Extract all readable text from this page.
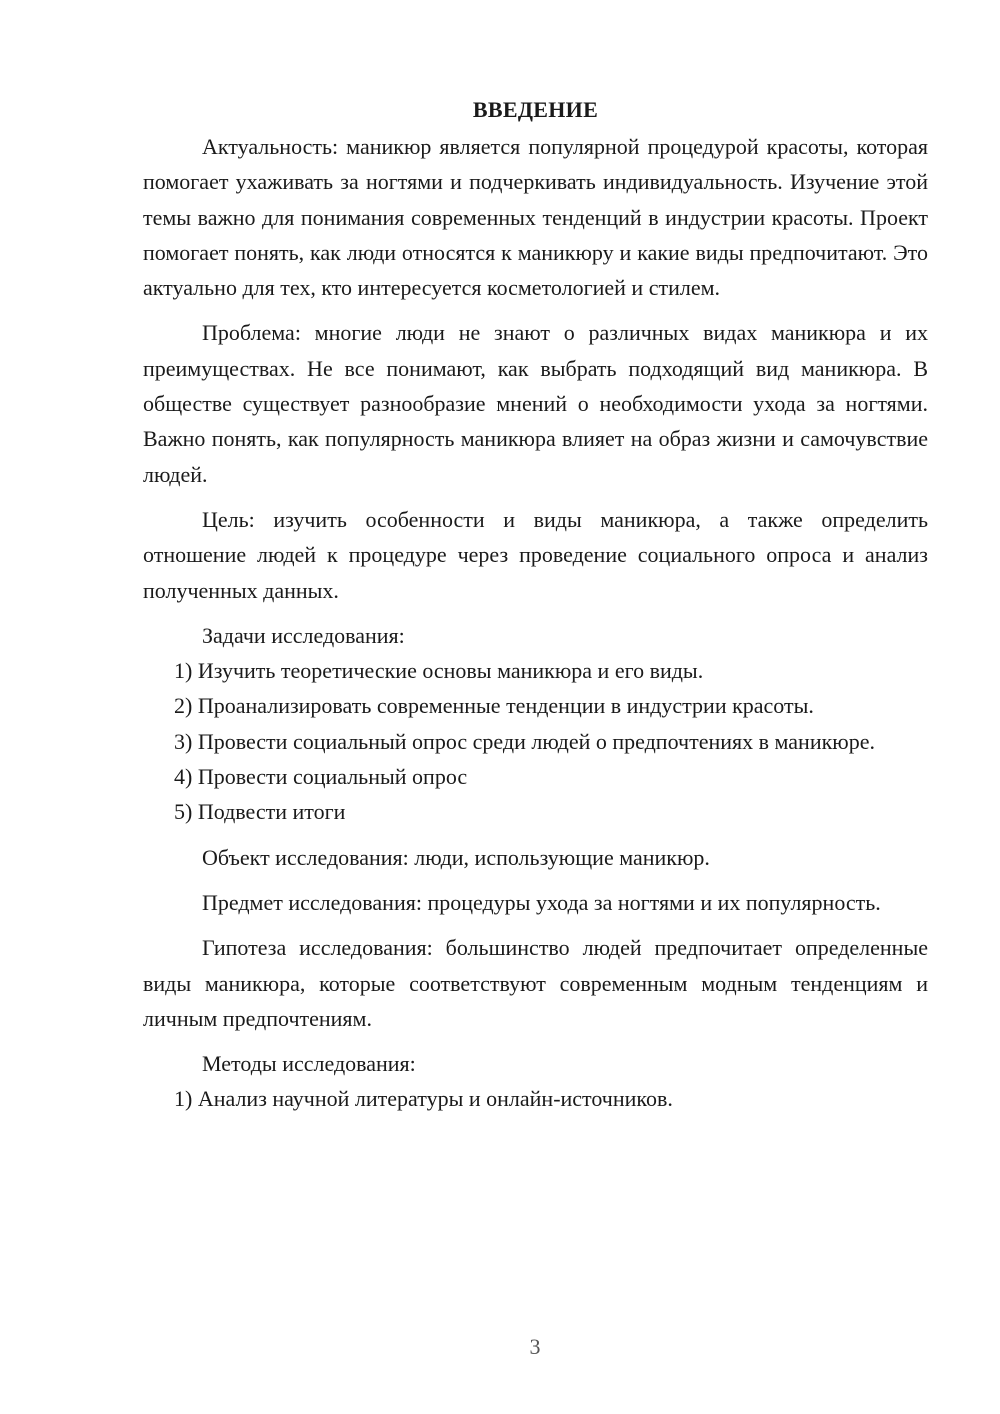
ВВЕДЕНИЕ

Актуальность: маникюр является популярной процедурой красоты, которая помогает ухаживать за ногтями и подчеркивать индивидуальность. Изучение этой темы важно для понимания современных тенденций в индустрии красоты. Проект помогает понять, как люди относятся к маникюру и какие виды предпочитают. Это актуально для тех, кто интересуется косметологией и стилем.

Проблема: многие люди не знают о различных видах маникюра и их преимуществах. Не все понимают, как выбрать подходящий вид маникюра. В обществе существует разнообразие мнений о необходимости ухода за ногтями. Важно понять, как популярность маникюра влияет на образ жизни и самочувствие людей.

Цель: изучить особенности и виды маникюра, а также определить отношение людей к процедуре через проведение социального опроса и анализ полученных данных.

Задачи исследования:

1) Изучить теоретические основы маникюра и его виды.

2) Проанализировать современные тенденции в индустрии красоты.

3) Провести социальный опрос среди людей о предпочтениях в маникюре.

4) Провести социальный опрос

5) Подвести итоги

Объект исследования: люди, использующие маникюр.

Предмет исследования: процедуры ухода за ногтями и их популярность.

Гипотеза исследования: большинство людей предпочитает определенные виды маникюра, которые соответствуют современным модным тенденциям и личным предпочтениям.

Методы исследования:

1) Анализ научной литературы и онлайн-источников.

3
